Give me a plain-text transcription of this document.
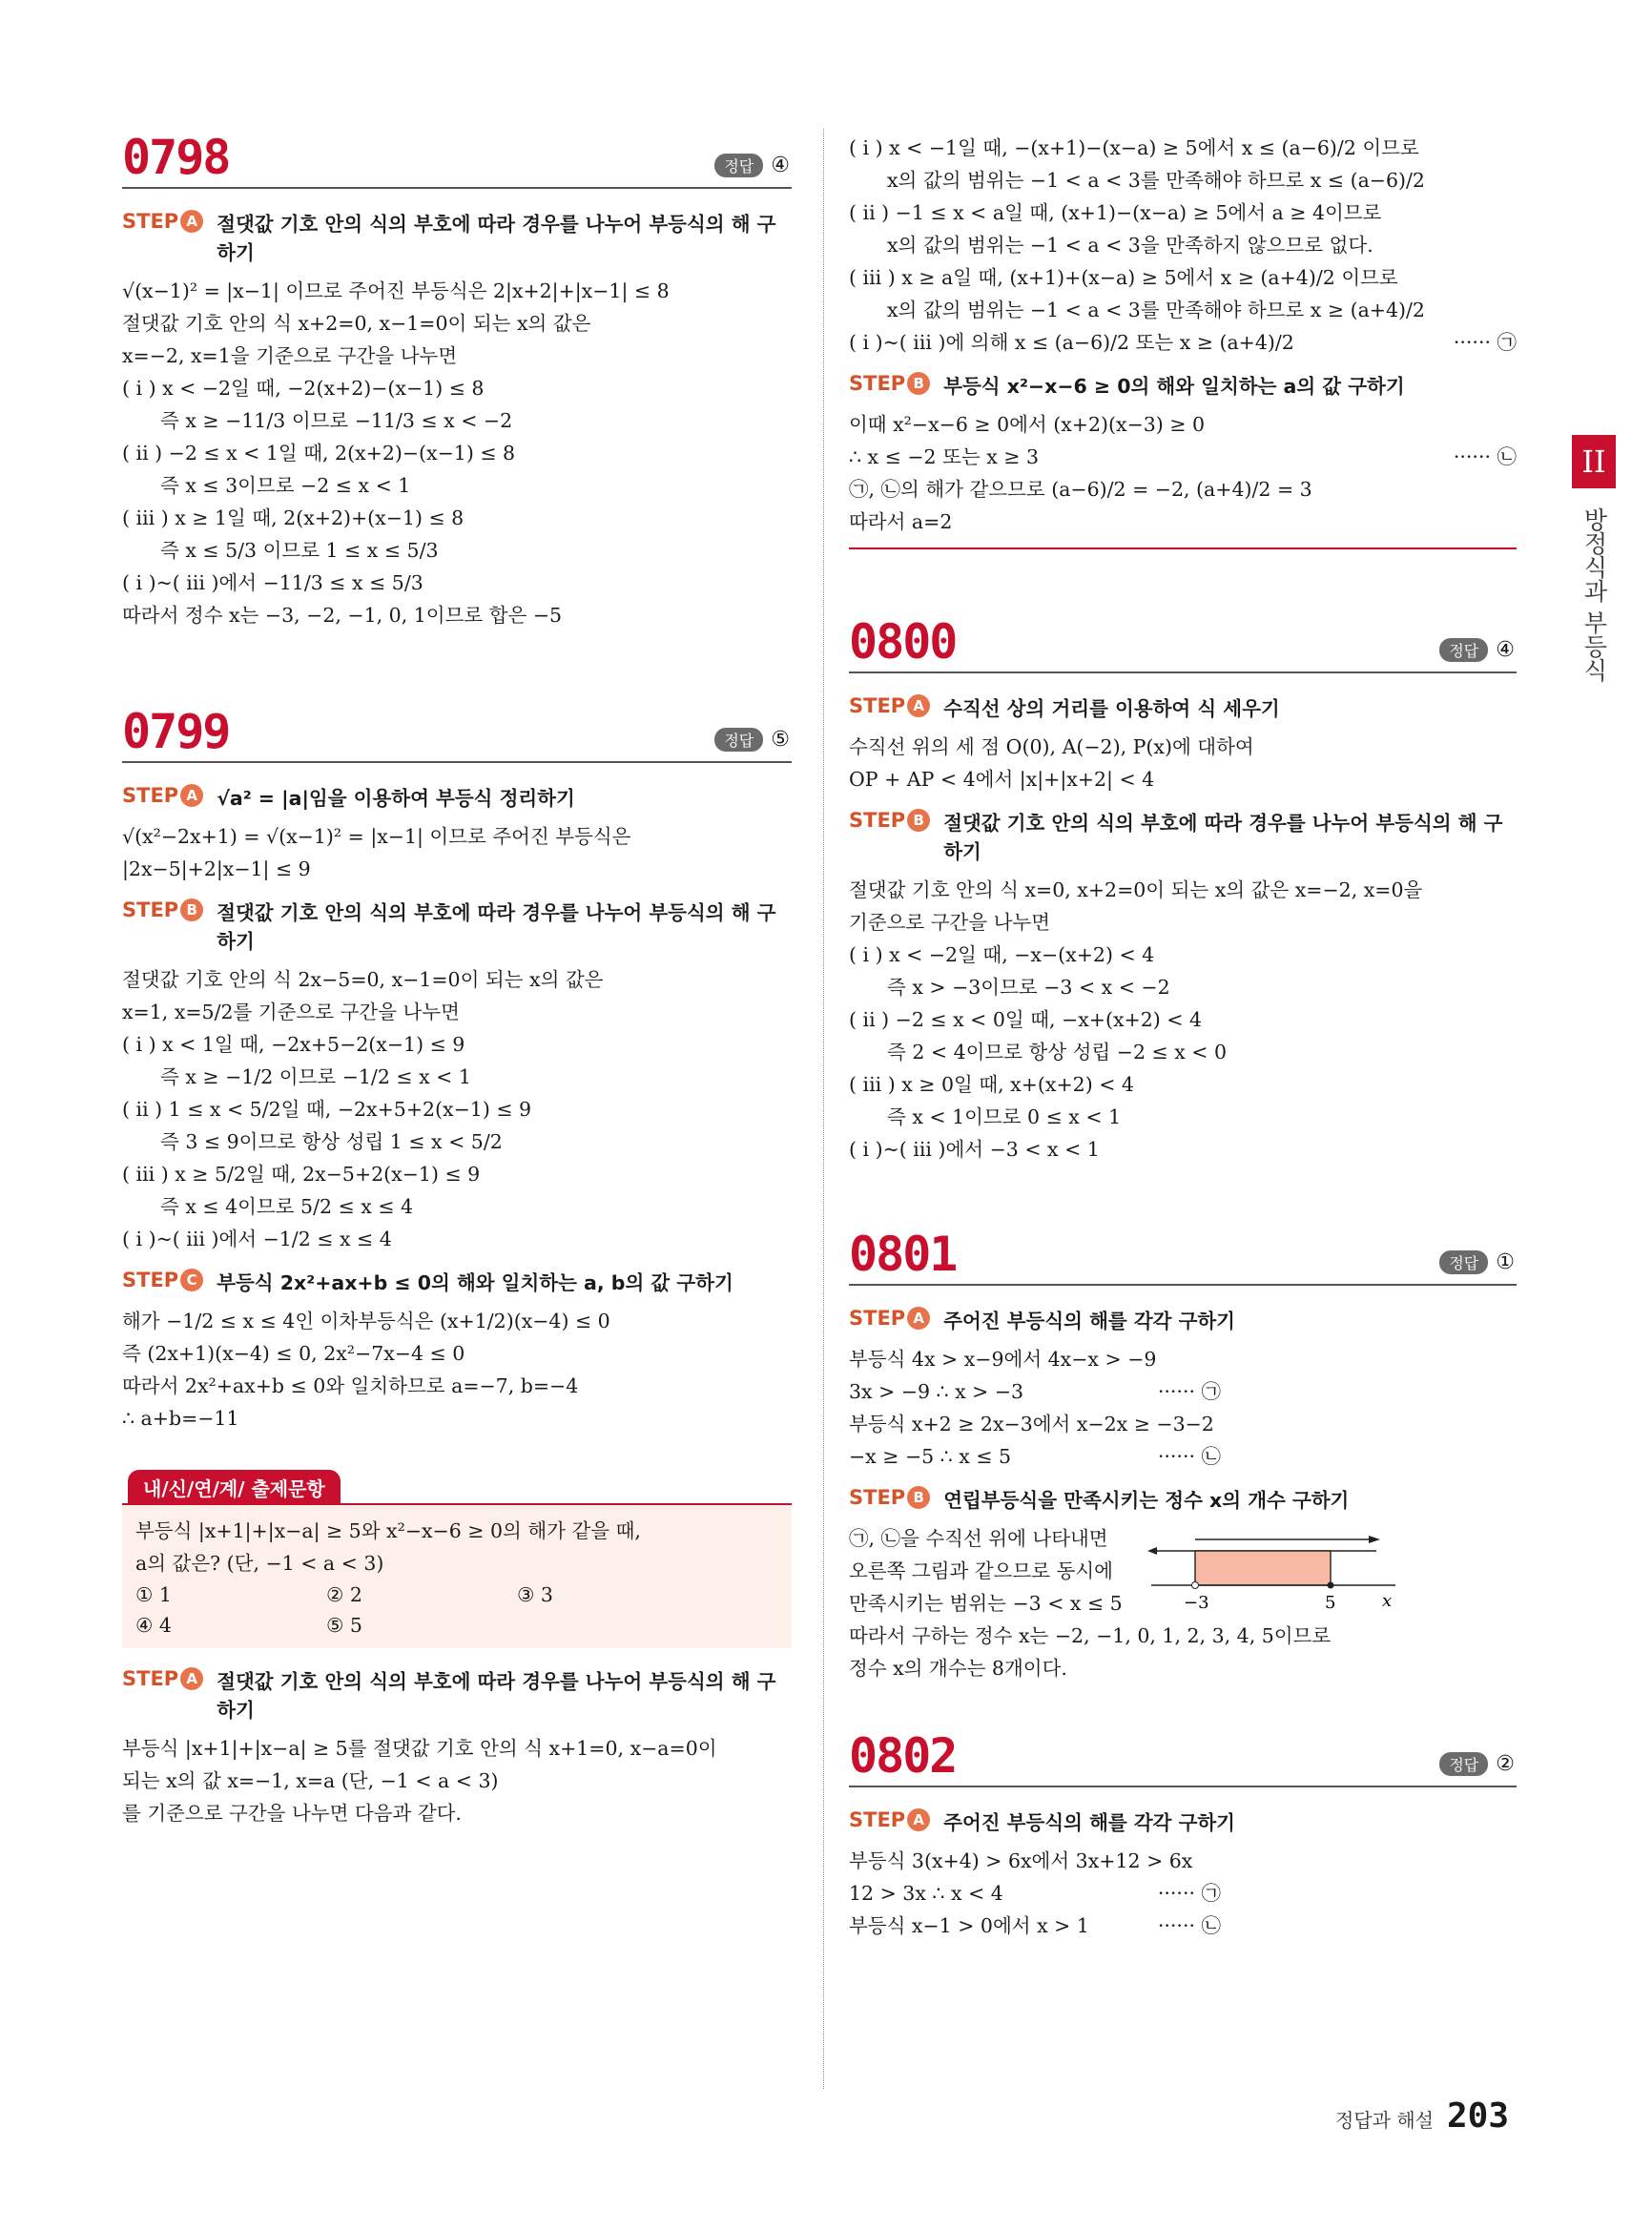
0798	정답 ④
STEP A 절댓값 기호 안의 식의 부호에 따라 경우를 나누어 부등식의 해 구하기
√(x−1)² = |x−1| 이므로 주어진 부등식은 2|x+2|+|x−1| ≤ 8
절댓값 기호 안의 식 x+2=0, x−1=0이 되는 x의 값은
x=−2, x=1을 기준으로 구간을 나누면
( i ) x < −2일 때, −2(x+2)−(x−1) ≤ 8
즉 x ≥ −11/3 이므로 −11/3 ≤ x < −2
( ii ) −2 ≤ x < 1일 때, 2(x+2)−(x−1) ≤ 8
즉 x ≤ 3이므로 −2 ≤ x < 1
( iii ) x ≥ 1일 때, 2(x+2)+(x−1) ≤ 8
즉 x ≤ 5/3 이므로 1 ≤ x ≤ 5/3
( i )~( iii )에서 −11/3 ≤ x ≤ 5/3
따라서 정수 x는 −3, −2, −1, 0, 1이므로 합은 −5
0799	정답 ⑤
STEP A √a² = |a|임을 이용하여 부등식 정리하기
√(x²−2x+1) = √(x−1)² = |x−1| 이므로 주어진 부등식은
|2x−5|+2|x−1| ≤ 9
STEP B 절댓값 기호 안의 식의 부호에 따라 경우를 나누어 부등식의 해 구하기
절댓값 기호 안의 식 2x−5=0, x−1=0이 되는 x의 값은
x=1, x=5/2를 기준으로 구간을 나누면
( i ) x < 1일 때, −2x+5−2(x−1) ≤ 9
즉 x ≥ −1/2 이므로 −1/2 ≤ x < 1
( ii ) 1 ≤ x < 5/2일 때, −2x+5+2(x−1) ≤ 9
즉 3 ≤ 9이므로 항상 성립 1 ≤ x < 5/2
( iii ) x ≥ 5/2일 때, 2x−5+2(x−1) ≤ 9
즉 x ≤ 4이므로 5/2 ≤ x ≤ 4
( i )~( iii )에서 −1/2 ≤ x ≤ 4
STEP C	부등식 2x²+ax+b ≤ 0의 해와 일치하는 a, b의 값 구하기
해가 −1/2 ≤ x ≤ 4인 이차부등식은 (x+1/2)(x−4) ≤ 0
즉 (2x+1)(x−4) ≤ 0, 2x²−7x−4 ≤ 0
따라서 2x²+ax+b ≤ 0와 일치하므로 a=−7, b=−4
∴ a+b=−11
내/신/연/계/ 출제문항
부등식 |x+1|+|x−a| ≥ 5와 x²−x−6 ≥ 0의 해가 같을 때,
a의 값은? (단, −1 < a < 3)
① 1	② 2	③ 3
④ 4	⑤ 5
STEP A 절댓값 기호 안의 식의 부호에 따라 경우를 나누어 부등식의 해 구하기
부등식 |x+1|+|x−a| ≥ 5를 절댓값 기호 안의 식 x+1=0, x−a=0이
되는 x의 값 x=−1, x=a (단, −1 < a < 3)
를 기준으로 구간을 나누면 다음과 같다.
( i ) x < −1일 때, −(x+1)−(x−a) ≥ 5에서 x ≤ (a−6)/2 이므로
x의 값의 범위는 −1 < a < 3를 만족해야 하므로 x ≤ (a−6)/2
( ii ) −1 ≤ x < a일 때, (x+1)−(x−a) ≥ 5에서 a ≥ 4이므로
x의 값의 범위는 −1 < a < 3을 만족하지 않으므로 없다.
( iii ) x ≥ a일 때, (x+1)+(x−a) ≥ 5에서 x ≥ (a+4)/2 이므로
x의 값의 범위는 −1 < a < 3를 만족해야 하므로 x ≥ (a+4)/2
( i )~( iii )에 의해 x ≤ (a−6)/2 또는 x ≥ (a+4)/2	······ ㉠
STEP B 부등식 x²−x−6 ≥ 0의 해와 일치하는 a의 값 구하기
이때 x²−x−6 ≥ 0에서 (x+2)(x−3) ≥ 0
∴ x ≤ −2 또는 x ≥ 3	······ ㉡
㉠, ㉡의 해가 같으므로 (a−6)/2 = −2, (a+4)/2 = 3
따라서 a=2
0800	정답 ④
STEP A 수직선 상의 거리를 이용하여 식 세우기
수직선 위의 세 점 O(0), A(−2), P(x)에 대하여
OP + AP < 4에서 |x|+|x+2| < 4
STEP B 절댓값 기호 안의 식의 부호에 따라 경우를 나누어 부등식의 해 구하기
절댓값 기호 안의 식 x=0, x+2=0이 되는 x의 값은 x=−2, x=0을
기준으로 구간을 나누면
( i ) x < −2일 때, −x−(x+2) < 4
즉 x > −3이므로 −3 < x < −2
( ii ) −2 ≤ x < 0일 때, −x+(x+2) < 4
즉 2 < 4이므로 항상 성립 −2 ≤ x < 0
( iii ) x ≥ 0일 때, x+(x+2) < 4
즉 x < 1이므로 0 ≤ x < 1
( i )~( iii )에서 −3 < x < 1
0801	정답 ①
STEP A 주어진 부등식의 해를 각각 구하기
부등식 4x > x−9에서 4x−x > −9
3x > −9 ∴ x > −3	······ ㉠
부등식 x+2 ≥ 2x−3에서 x−2x ≥ −3−2
−x ≥ −5 ∴ x ≤ 5	······ ㉡
STEP B 연립부등식을 만족시키는 정수 x의 개수 구하기
㉠, ㉡을 수직선 위에 나타내면
오른쪽 그림과 같으므로 동시에
만족시키는 범위는 −3 < x ≤ 5	−3	5	x
따라서 구하는 정수 x는 −2, −1, 0, 1, 2, 3, 4, 5이므로
정수 x의 개수는 8개이다.
0802	정답 ②
STEP A 주어진 부등식의 해를 각각 구하기
부등식 3(x+4) > 6x에서 3x+12 > 6x
12 > 3x ∴ x < 4	······ ㉠
부등식 x−1 > 0에서 x > 1	······ ㉡
II
방정식과 부등식
정답과 해설 203
